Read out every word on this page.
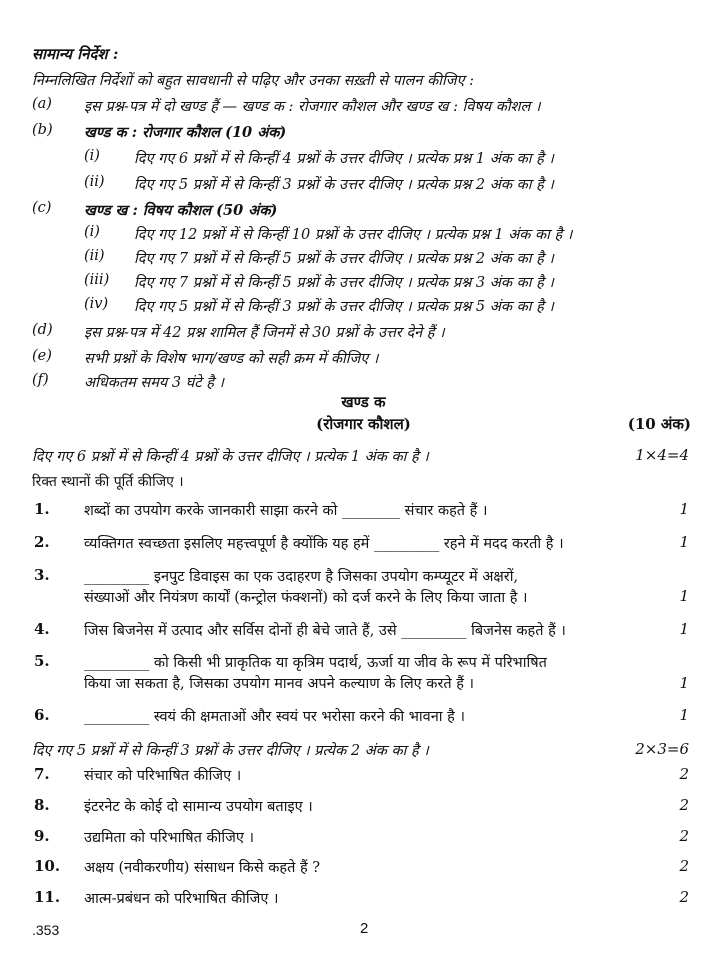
सामान्य निर्देश :
निम्नलिखित निर्देशों को बहुत सावधानी से पढ़िए और उनका सख़्ती से पालन कीजिए :
(a) इस प्रश्न-पत्र में दो खण्ड हैं — खण्ड क : रोजगार कौशल और खण्ड ख : विषय कौशल ।
(b) खण्ड क : रोजगार कौशल (10 अंक)
(i) दिए गए 6 प्रश्नों में से किन्हीं 4 प्रश्नों के उत्तर दीजिए । प्रत्येक प्रश्न 1 अंक का है ।
(ii) दिए गए 5 प्रश्नों में से किन्हीं 3 प्रश्नों के उत्तर दीजिए । प्रत्येक प्रश्न 2 अंक का है ।
(c) खण्ड ख : विषय कौशल (50 अंक)
(i) दिए गए 12 प्रश्नों में से किन्हीं 10 प्रश्नों के उत्तर दीजिए । प्रत्येक प्रश्न 1 अंक का है ।
(ii) दिए गए 7 प्रश्नों में से किन्हीं 5 प्रश्नों के उत्तर दीजिए । प्रत्येक प्रश्न 2 अंक का है ।
(iii) दिए गए 7 प्रश्नों में से किन्हीं 5 प्रश्नों के उत्तर दीजिए । प्रत्येक प्रश्न 3 अंक का है ।
(iv) दिए गए 5 प्रश्नों में से किन्हीं 3 प्रश्नों के उत्तर दीजिए । प्रत्येक प्रश्न 5 अंक का है ।
(d) इस प्रश्न-पत्र में 42 प्रश्न शामिल हैं जिनमें से 30 प्रश्नों के उत्तर देने हैं ।
(e) सभी प्रश्नों के विशेष भाग/खण्ड को सही क्रम में कीजिए ।
(f) अधिकतम समय 3 घंटे है ।
खण्ड क
(रोजगार कौशल)	(10 अंक)
दिए गए 6 प्रश्नों में से किन्हीं 4 प्रश्नों के उत्तर दीजिए । प्रत्येक 1 अंक का है ।	1×4=4
रिक्त स्थानों की पूर्ति कीजिए ।
1. शब्दों का उपयोग करके जानकारी साझा करने को ________ संचार कहते हैं ।	1
2. व्यक्तिगत स्वच्छता इसलिए महत्त्वपूर्ण है क्योंकि यह हमें _________ रहने में मदद करती है ।	1
3. _________ इनपुट डिवाइस का एक उदाहरण है जिसका उपयोग कम्प्यूटर में अक्षरों,
संख्याओं और नियंत्रण कार्यों (कन्ट्रोल फंक्शनों) को दर्ज करने के लिए किया जाता है ।	1
4. जिस बिजनेस में उत्पाद और सर्विस दोनों ही बेचे जाते हैं, उसे _________ बिजनेस कहते हैं ।	1
5. _________ को किसी भी प्राकृतिक या कृत्रिम पदार्थ, ऊर्जा या जीव के रूप में परिभाषित
किया जा सकता है, जिसका उपयोग मानव अपने कल्याण के लिए करते हैं ।	1
6. _________ स्वयं की क्षमताओं और स्वयं पर भरोसा करने की भावना है ।	1
दिए गए 5 प्रश्नों में से किन्हीं 3 प्रश्नों के उत्तर दीजिए । प्रत्येक 2 अंक का है ।	2×3=6
7. संचार को परिभाषित कीजिए ।	2
8. इंटरनेट के कोई दो सामान्य उपयोग बताइए ।	2
9. उद्यमिता को परिभाषित कीजिए ।	2
10. अक्षय (नवीकरणीय) संसाधन किसे कहते हैं ?	2
11. आत्म-प्रबंधन को परिभाषित कीजिए ।	2
.353	2
